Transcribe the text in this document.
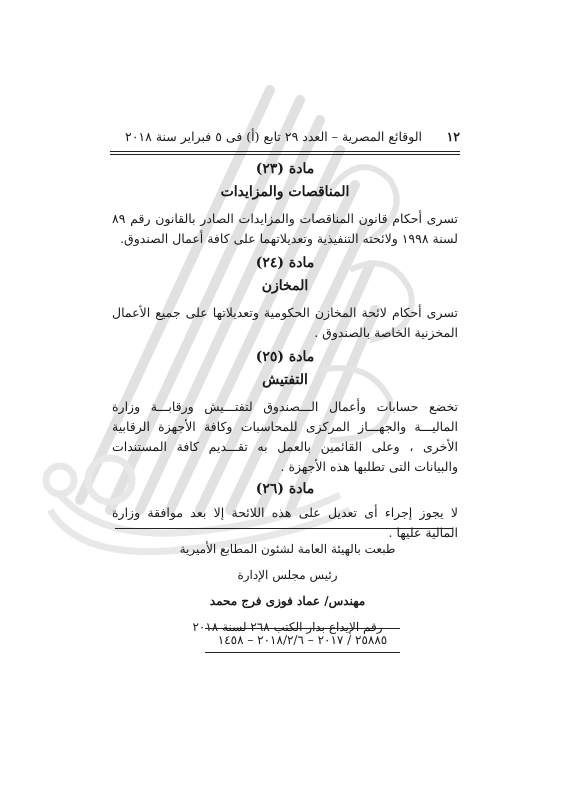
١٢
الوقائع المصرية – العدد ٢٩ تابع (أ) فى ٥ فبراير سنة ٢٠١٨
مادة (٢٣)
المناقصات والمزايدات

تسرى أحكام قانون المناقصات والمزايدات الصادر بالقانون رقم ٨٩ لسنة ١٩٩٨ ولائحته التنفيذية وتعديلاتهما على كافة أعمال الصندوق.

مادة (٢٤)
المخازن

تسرى أحكام لائحة المخازن الحكومية وتعديلاتها على جميع الأعمال المخزنية الخاصة بالصندوق .

مادة (٢٥)
التفتيش

تخضع حسابات وأعمال الـــصندوق لتفتـــيش ورقابـــة وزارة الماليـــة والجهـــاز المركزى للمحاسبات وكافة الأجهزة الرقابية الأخرى ، وعلى القائمين بالعمل به تقـــديم كافة المستندات والبيانات التى تطلبها هذه الأجهزة .

مادة (٢٦)

لا يجوز إجراء أى تعديل على هذه اللائحة إلا بعد موافقة وزارة المالية عليها .

طبعت بالهيئة العامة لشئون المطابع الأميرية
رئيس مجلس الإدارة
مهندس/ عماد فوزى فرج محمد
رقم الإيداع بدار الكتب ٢٦٨ لسنة ٢٠١٨
٢٥٨٨٥ / ٢٠١٧ – ٢٠١٨/٢/٦ – ١٤٥٨
